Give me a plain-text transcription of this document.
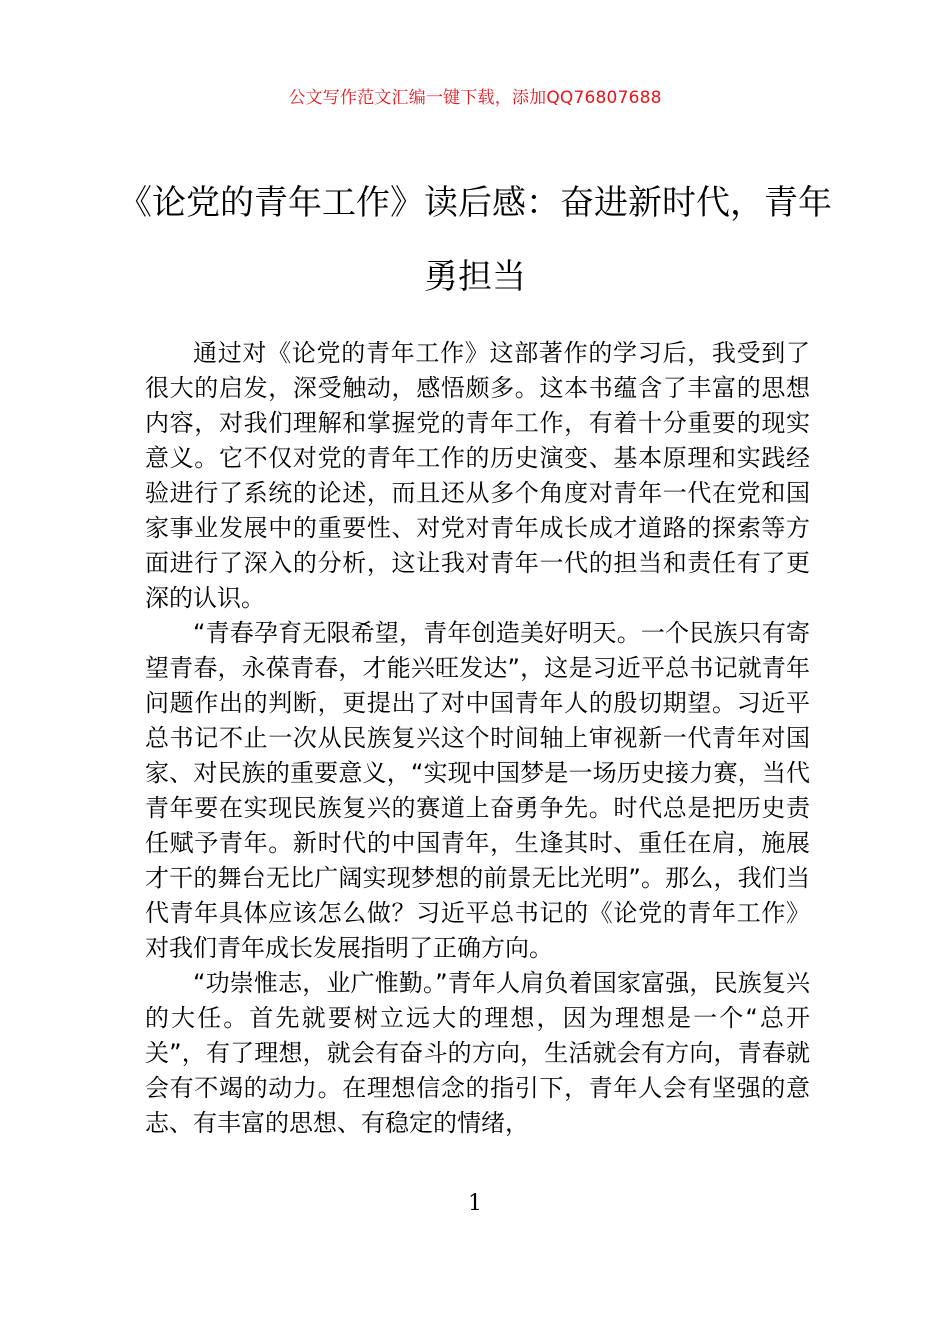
公文写作范文汇编一键下载，添加QQ76807688
《论党的青年工作》读后感：奋进新时代，青年勇担当

通过对《论党的青年工作》这部著作的学习后，我受到了很大的启发，深受触动，感悟颇多。这本书蕴含了丰富的思想内容，对我们理解和掌握党的青年工作，有着十分重要的现实意义。它不仅对党的青年工作的历史演变、基本原理和实践经验进行了系统的论述，而且还从多个角度对青年一代在党和国家事业发展中的重要性、对党对青年成长成才道路的探索等方面进行了深入的分析，这让我对青年一代的担当和责任有了更深的认识。

“青春孕育无限希望，青年创造美好明天。一个民族只有寄望青春，永葆青春，才能兴旺发达”，这是习近平总书记就青年问题作出的判断，更提出了对中国青年人的殷切期望。习近平总书记不止一次从民族复兴这个时间轴上审视新一代青年对国家、对民族的重要意义，“实现中国梦是一场历史接力赛，当代青年要在实现民族复兴的赛道上奋勇争先。时代总是把历史责任赋予青年。新时代的中国青年，生逢其时、重任在肩，施展才干的舞台无比广阔实现梦想的前景无比光明”。那么，我们当代青年具体应该怎么做？习近平总书记的《论党的青年工作》对我们青年成长发展指明了正确方向。

“功崇惟志，业广惟勤。”青年人肩负着国家富强，民族复兴的大任。首先就要树立远大的理想，因为理想是一个“总开关”，有了理想，就会有奋斗的方向，生活就会有方向，青春就会有不竭的动力。在理想信念的指引下，青年人会有坚强的意志、有丰富的思想、有稳定的情绪，

1
